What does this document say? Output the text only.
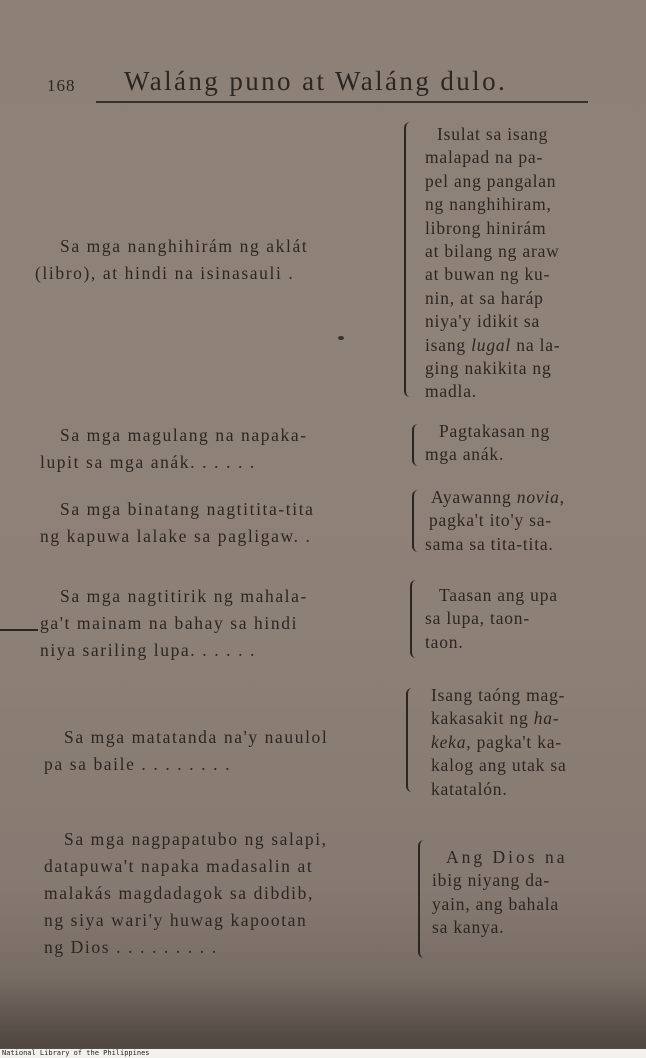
168 Waláng puno at Waláng dulo.
Sa mga nanghihirám ng aklát
(libro), at hindi na isinasauli .
Isulat sa isang
malapad na pa-
pel ang pangalan
ng nanghihiram,
librong hinirám
at bilang ng araw
at buwan ng ku-
nin, at sa haráp
niya'y idikit sa
isang lugal na la-
ging nakikita ng
madla.
Sa mga magulang na napaka-
lupit sa mga anák. . . . . .
Pagtakasan ng
mga anák.
Sa mga binatang nagtitita-tita
ng kapuwa lalake sa pagligaw. .
Ayawanng novia,
pagka't ito'y sa-
sama sa tita-tita.
Sa mga nagtitirik ng mahala-
ga't mainam na bahay sa hindi
niya sariling lupa. . . . . .
Taasan ang upa
sa lupa, taon-
taon.
Sa mga matatanda na'y nauulol
pa sa baile . . . . . . . .
Isang taóng mag-
kakasakit ng ha-
keka, pagka't ka-
kalog ang utak sa
katatalón.
Sa mga nagpapatubo ng salapi,
datapuwa't napaka madasalin at
malakás magdadagok sa dibdib,
ng siya wari'y huwag kapootan
ng Dios . . . . . . . . .
Ang Dios na
ibig niyang da-
yain, ang bahala
sa kanya.
National Library of the Philippines
